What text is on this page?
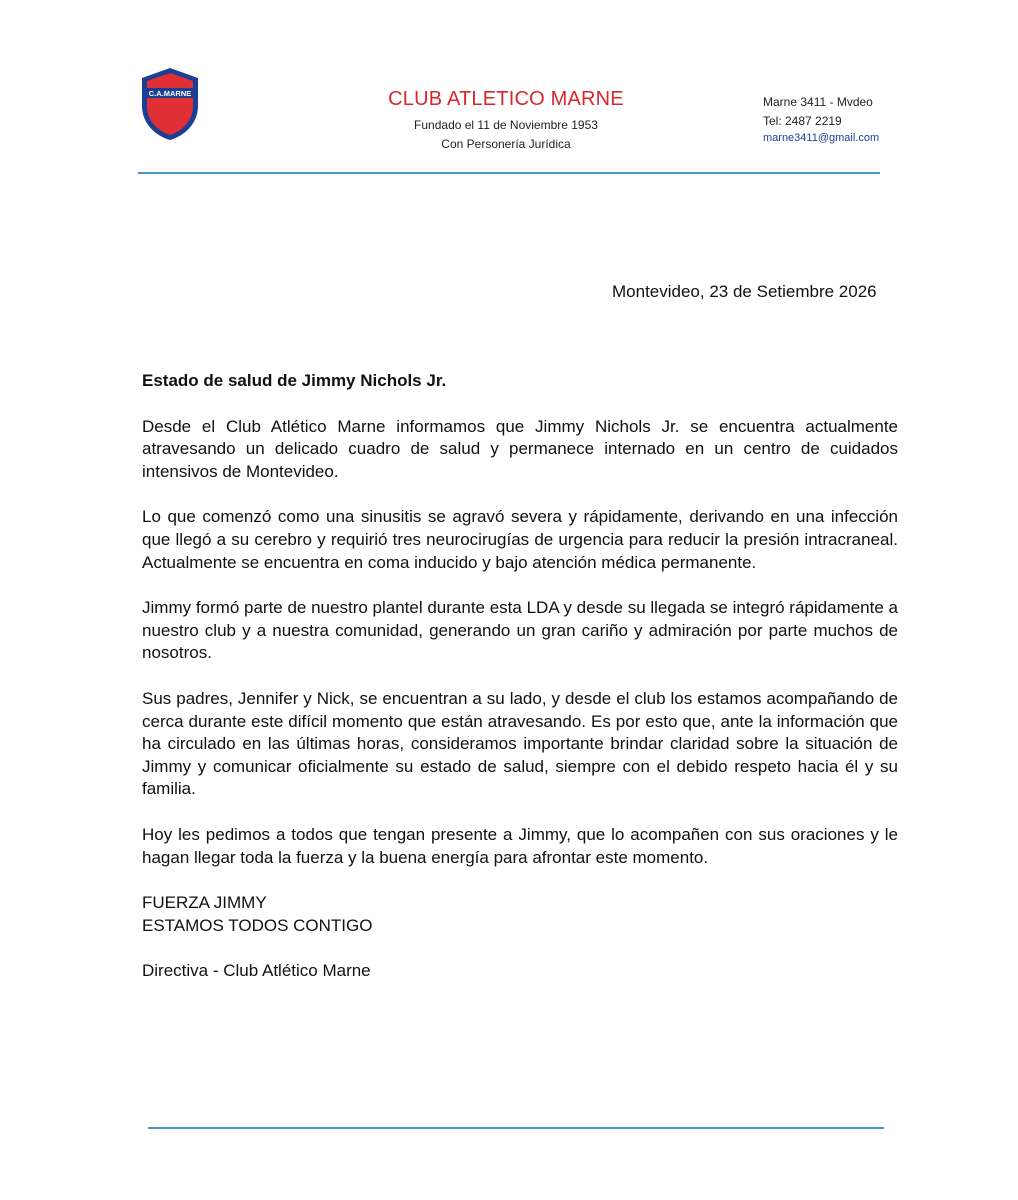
C.A.MARNE	CLUB ATLETICO MARNE
Fundado el 11 de Noviembre 1953
Con Personería Jurídica
Marne 3411 - Mvdeo
Tel: 2487 2219
marne3411@gmail.com
Montevideo, 23 de Setiembre 2026

Estado de salud de Jimmy Nichols Jr.

Desde el Club Atlético Marne informamos que Jimmy Nichols Jr. se encuentra actualmente atravesando un delicado cuadro de salud y permanece internado en un centro de cuidados intensivos de Montevideo.

Lo que comenzó como una sinusitis se agravó severa y rápidamente, derivando en una infección que llegó a su cerebro y requirió tres neurocirugías de urgencia para reducir la presión intracraneal. Actualmente se encuentra en coma inducido y bajo atención médica permanente.

Jimmy formó parte de nuestro plantel durante esta LDA y desde su llegada se integró rápidamente a nuestro club y a nuestra comunidad, generando un gran cariño y admiración por parte muchos de nosotros.

Sus padres, Jennifer y Nick, se encuentran a su lado, y desde el club los estamos acompañando de cerca durante este difícil momento que están atravesando. Es por esto que, ante la información que ha circulado en las últimas horas, consideramos importante brindar claridad sobre la situación de Jimmy y comunicar oficialmente su estado de salud, siempre con el debido respeto hacia él y su familia.

Hoy les pedimos a todos que tengan presente a Jimmy, que lo acompañen con sus oraciones y le hagan llegar toda la fuerza y la buena energía para afrontar este momento.

FUERZA JIMMY
ESTAMOS TODOS CONTIGO

Directiva - Club Atlético Marne
